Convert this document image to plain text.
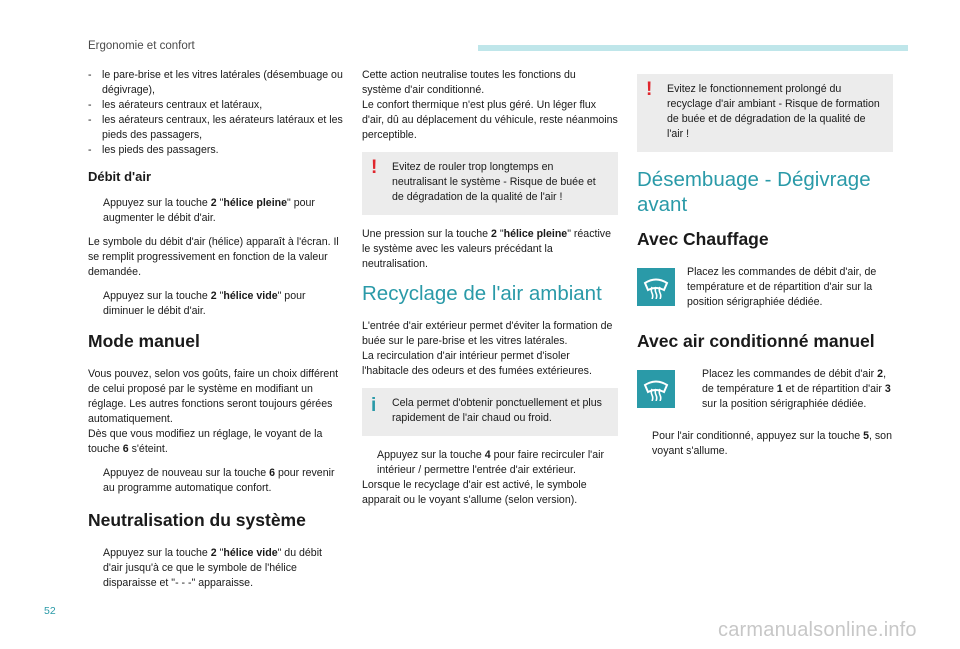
Ergonomie et confort
- le pare-brise et les vitres latérales (désembuage ou dégivrage),
- les aérateurs centraux et latéraux,
- les aérateurs centraux, les aérateurs latéraux et les pieds des passagers,
- les pieds des passagers.
Débit d'air
Appuyez sur la touche 2 "hélice pleine" pour augmenter le débit d'air.

Le symbole du débit d'air (hélice) apparaît à l'écran. Il se remplit progressivement en fonction de la valeur demandée.

Appuyez sur la touche 2 "hélice vide" pour diminuer le débit d'air.
Mode manuel

Vous pouvez, selon vos goûts, faire un choix différent de celui proposé par le système en modifiant un réglage. Les autres fonctions seront toujours gérées automatiquement.

Dès que vous modifiez un réglage, le voyant de la touche 6 s'éteint.

Appuyez de nouveau sur la touche 6 pour revenir au programme automatique confort.
Neutralisation du système
Appuyez sur la touche 2 "hélice vide" du débit d'air jusqu'à ce que le symbole de l'hélice disparaisse et "- - -" apparaisse.

Cette action neutralise toutes les fonctions du système d'air conditionné.

Le confort thermique n'est plus géré. Un léger flux d'air, dû au déplacement du véhicule, reste néanmoins perceptible.

! Evitez de rouler trop longtemps en neutralisant le système - Risque de buée et de dégradation de la qualité de l'air !

Une pression sur la touche 2 "hélice pleine" réactive le système avec les valeurs précédant la neutralisation.

Recyclage de l'air ambiant

L'entrée d'air extérieur permet d'éviter la formation de buée sur le pare-brise et les vitres latérales.

La recirculation d'air intérieur permet d'isoler l'habitacle des odeurs et des fumées extérieures.

i Cela permet d'obtenir ponctuellement et plus rapidement de l'air chaud ou froid.
Appuyez sur la touche 4 pour faire recirculer l'air intérieur / permettre l'entrée d'air extérieur.

Lorsque le recyclage d'air est activé, le symbole apparait ou le voyant s'allume (selon version).

! Evitez le fonctionnement prolongé du recyclage d'air ambiant - Risque de formation de buée et de dégradation de la qualité de l'air !
Désembuage - Dégivrage avant
Avec Chauffage
Placez les commandes de débit d'air, de température et de répartition d'air sur la position sérigraphiée dédiée.
Avec air conditionné manuel
Placez les commandes de débit d'air 2, de température 1 et de répartition d'air 3 sur la position sérigraphiée dédiée.
Pour l'air conditionné, appuyez sur la touche 5, son voyant s'allume.
52
carmanualsonline.info
